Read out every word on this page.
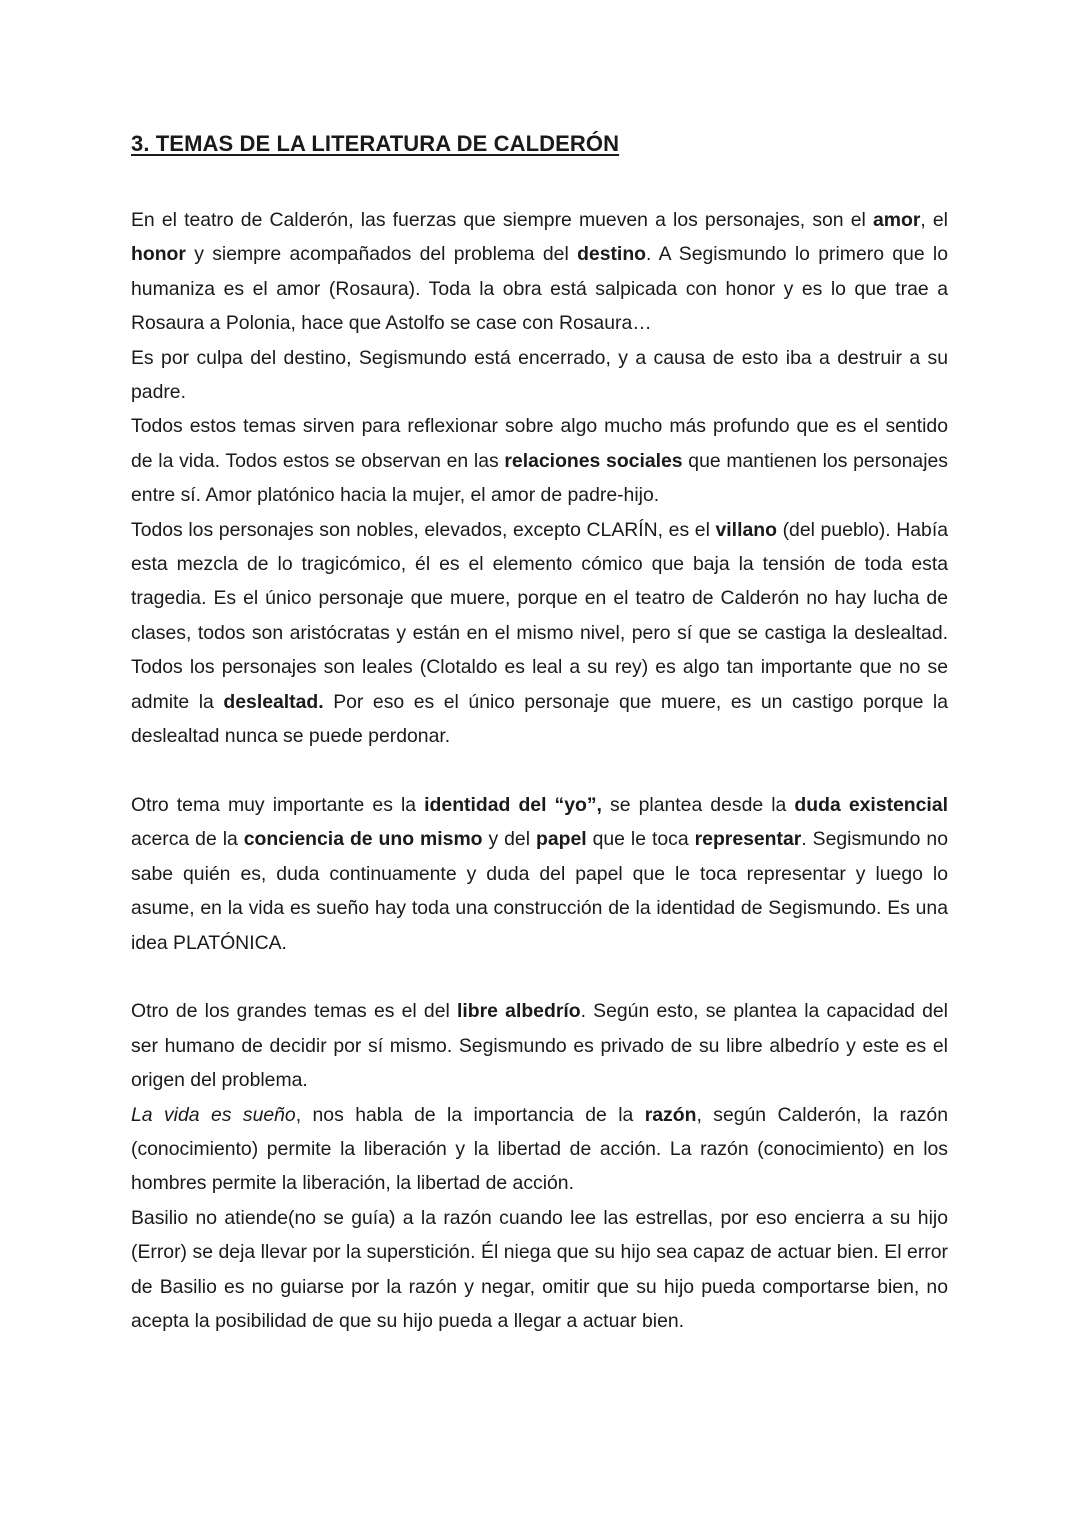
3. TEMAS DE LA LITERATURA DE CALDERÓN

En el teatro de Calderón, las fuerzas que siempre mueven a los personajes, son el amor, el honor y siempre acompañados del problema del destino. A Segismundo lo primero que lo humaniza es el amor (Rosaura). Toda la obra está salpicada con honor y es lo que trae a Rosaura a Polonia, hace que Astolfo se case con Rosaura…

Es por culpa del destino, Segismundo está encerrado, y a causa de esto iba a destruir a su padre.

Todos estos temas sirven para reflexionar sobre algo mucho más profundo que es el sentido de la vida. Todos estos se observan en las relaciones sociales que mantienen los personajes entre sí. Amor platónico hacia la mujer, el amor de padre-hijo.

Todos los personajes son nobles, elevados, excepto CLARÍN, es el villano (del pueblo). Había esta mezcla de lo tragicómico, él es el elemento cómico que baja la tensión de toda esta tragedia. Es el único personaje que muere, porque en el teatro de Calderón no hay lucha de clases, todos son aristócratas y están en el mismo nivel, pero sí que se castiga la deslealtad. Todos los personajes son leales (Clotaldo es leal a su rey) es algo tan importante que no se admite la deslealtad. Por eso es el único personaje que muere, es un castigo porque la deslealtad nunca se puede perdonar.

Otro tema muy importante es la identidad del “yo”, se plantea desde la duda existencial acerca de la conciencia de uno mismo y del papel que le toca representar. Segismundo no sabe quién es, duda continuamente y duda del papel que le toca representar y luego lo asume, en la vida es sueño hay toda una construcción de la identidad de Segismundo. Es una idea PLATÓNICA.

Otro de los grandes temas es el del libre albedrío. Según esto, se plantea la capacidad del ser humano de decidir por sí mismo. Segismundo es privado de su libre albedrío y este es el origen del problema.

La vida es sueño, nos habla de la importancia de la razón, según Calderón, la razón (conocimiento) permite la liberación y la libertad de acción. La razón (conocimiento) en los hombres permite la liberación, la libertad de acción.

Basilio no atiende(no se guía) a la razón cuando lee las estrellas, por eso encierra a su hijo (Error) se deja llevar por la superstición. Él niega que su hijo sea capaz de actuar bien. El error de Basilio es no guiarse por la razón y negar, omitir que su hijo pueda comportarse bien, no acepta la posibilidad de que su hijo pueda a llegar a actuar bien.
